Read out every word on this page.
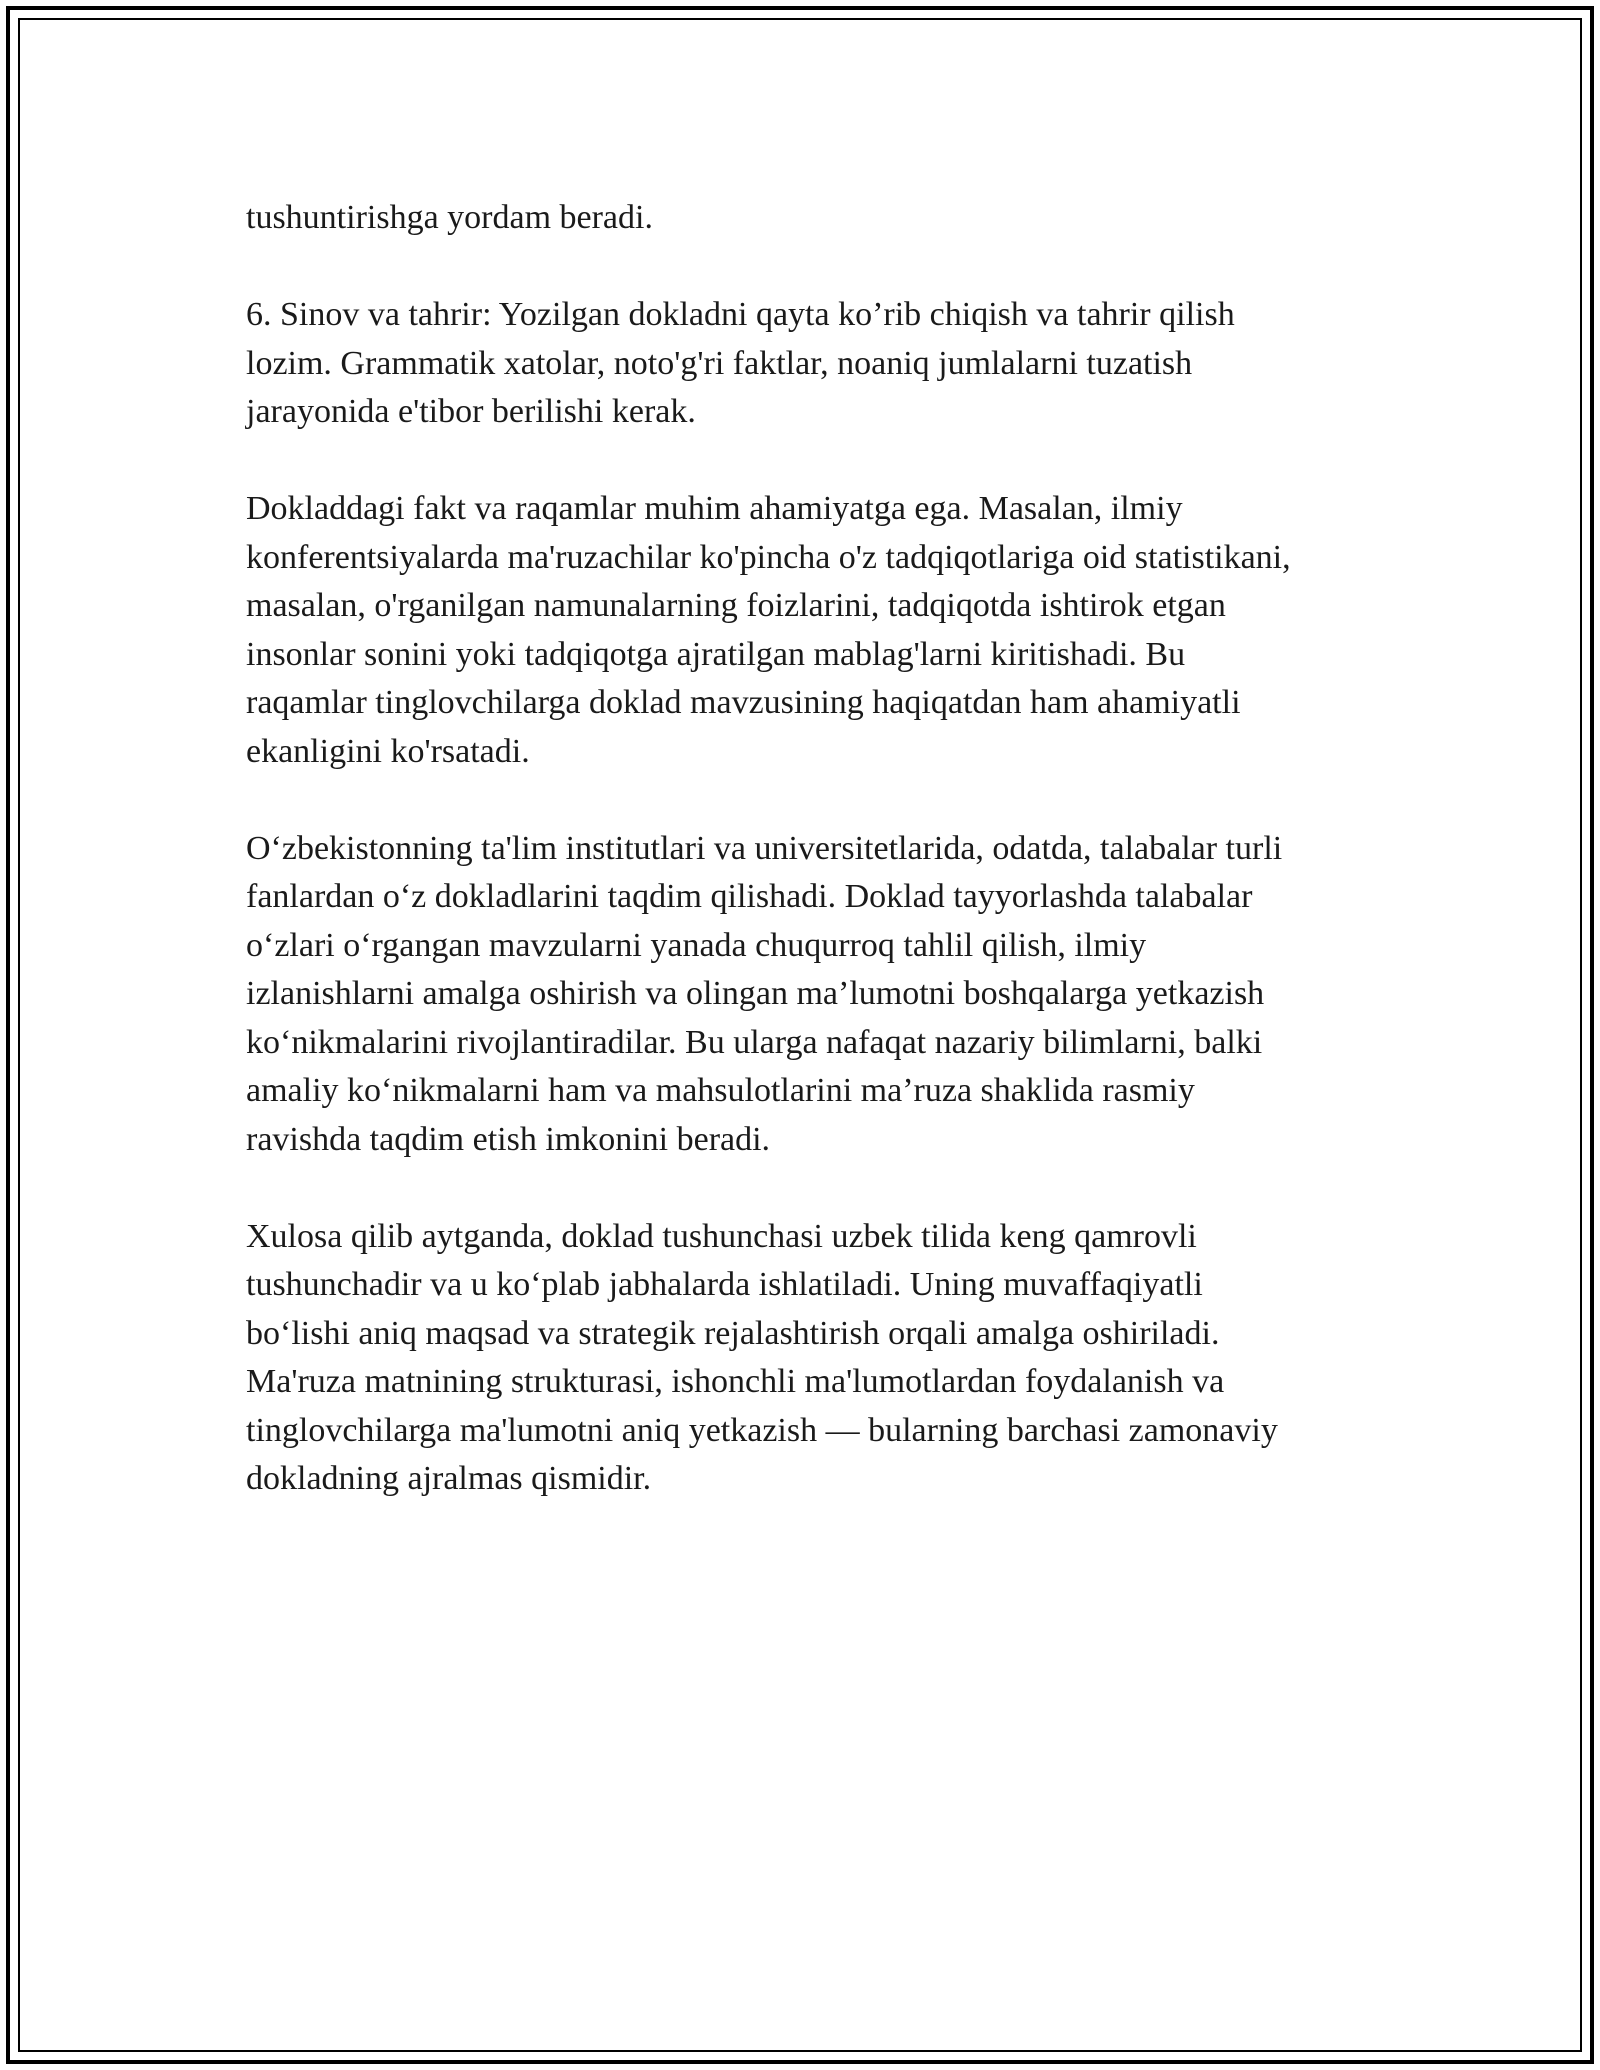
tushuntirishga yordam beradi.

6. Sinov va tahrir: Yozilgan dokladni qayta ko’rib chiqish va tahrir qilish
lozim. Grammatik xatolar, noto'g'ri faktlar, noaniq jumlalarni tuzatish
jarayonida e'tibor berilishi kerak.

Dokladdagi fakt va raqamlar muhim ahamiyatga ega. Masalan, ilmiy
konferentsiyalarda ma'ruzachilar ko'pincha o'z tadqiqotlariga oid statistikani,
masalan, o'rganilgan namunalarning foizlarini, tadqiqotda ishtirok etgan
insonlar sonini yoki tadqiqotga ajratilgan mablag'larni kiritishadi. Bu
raqamlar tinglovchilarga doklad mavzusining haqiqatdan ham ahamiyatli
ekanligini ko'rsatadi.

O‘zbekistonning ta'lim institutlari va universitetlarida, odatda, talabalar turli
fanlardan o‘z dokladlarini taqdim qilishadi. Doklad tayyorlashda talabalar
o‘zlari o‘rgangan mavzularni yanada chuqurroq tahlil qilish, ilmiy
izlanishlarni amalga oshirish va olingan ma’lumotni boshqalarga yetkazish
ko‘nikmalarini rivojlantiradilar. Bu ularga nafaqat nazariy bilimlarni, balki
amaliy ko‘nikmalarni ham va mahsulotlarini ma’ruza shaklida rasmiy
ravishda taqdim etish imkonini beradi.

Xulosa qilib aytganda, doklad tushunchasi uzbek tilida keng qamrovli
tushunchadir va u ko‘plab jabhalarda ishlatiladi. Uning muvaffaqiyatli
bo‘lishi aniq maqsad va strategik rejalashtirish orqali amalga oshiriladi.
Ma'ruza matnining strukturasi, ishonchli ma'lumotlardan foydalanish va
tinglovchilarga ma'lumotni aniq yetkazish — bularning barchasi zamonaviy
dokladning ajralmas qismidir.
